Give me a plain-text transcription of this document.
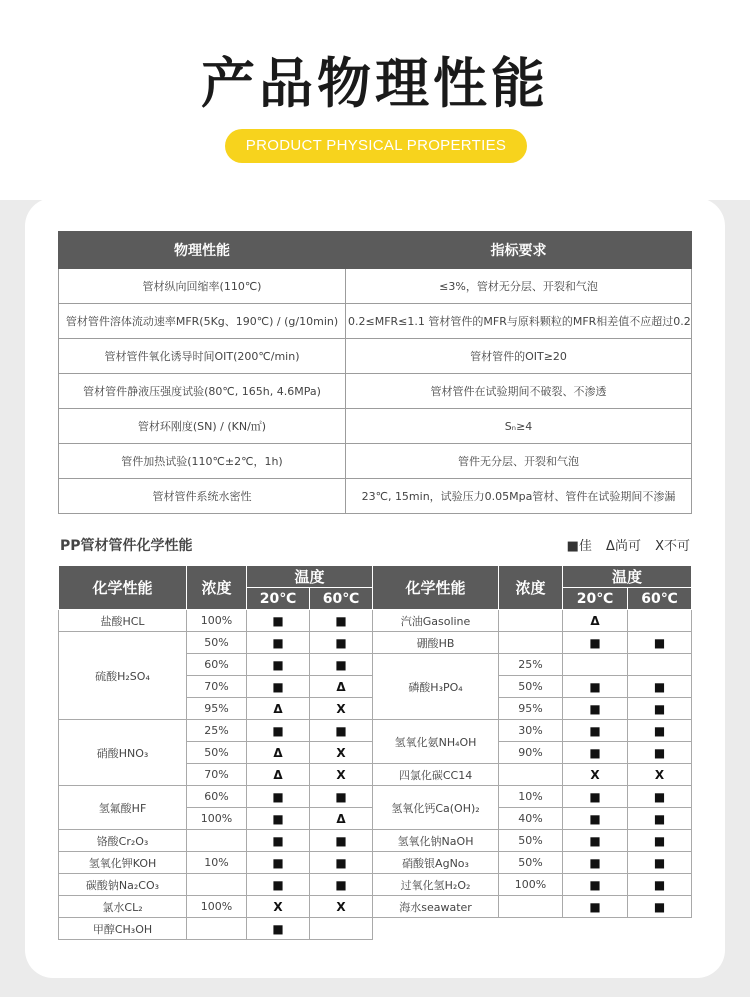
产品物理性能
PRODUCT PHYSICAL PROPERTIES
物理性能	指标要求
管材纵向回缩率(110℃)	≤3%，管材无分层、开裂和气泡
管材管件溶体流动速率MFR(5Kg、190℃) / (g/10min)	0.2≤MFR≤1.1 管材管件的MFR与原料颗粒的MFR相差值不应超过0.2
管材管件氧化诱导时间OIT(200℃/min)	管材管件的OIT≥20
管材管件静液压强度试验(80℃, 165h, 4.6MPa)	管材管件在试验期间不破裂、不渗透
管材环刚度(SN) / (KN/㎡)	Sₙ≥4
管件加热试验(110℃±2℃，1h)	管件无分层、开裂和气泡
管材管件系统水密性	23℃, 15min，试验压力0.05Mpa管材、管件在试验期间不渗漏
PP管材管件化学性能	■佳 Δ尚可 X不可
化学性能	浓度	温度		化学性能	浓度	温度	
		20℃	60℃			20℃	60℃
盐酸HCL	100%	■	■	汽油Gasoline		Δ	
硫酸H₂SO₄	50%	■	■	硼酸HB		■	■
	60%	■	■	磷酸H₃PO₄	25%		
	70%	■	Δ		50%	■	■
	95%	Δ	X		95%	■	■
硝酸HNO₃	25%	■	■	氢氧化氨NH₄OH	30%	■	■
	50%	Δ	X		90%	■	■
	70%	Δ	X	四氯化碳CC14		X	X
氢氟酸HF	60%	■	■	氢氧化钙Ca(OH)₂	10%	■	■
	100%	■	Δ		40%	■	■
铬酸Cr₂O₃		■	■	氢氧化钠NaOH	50%	■	■
氢氧化钾KOH	10%	■	■	硝酸银AgNo₃	50%	■	■
碳酸钠Na₂CO₃		■	■	过氧化氢H₂O₂	100%	■	■
氯水CL₂	100%	X	X	海水seawater		■	■
甲醇CH₃OH		■					
